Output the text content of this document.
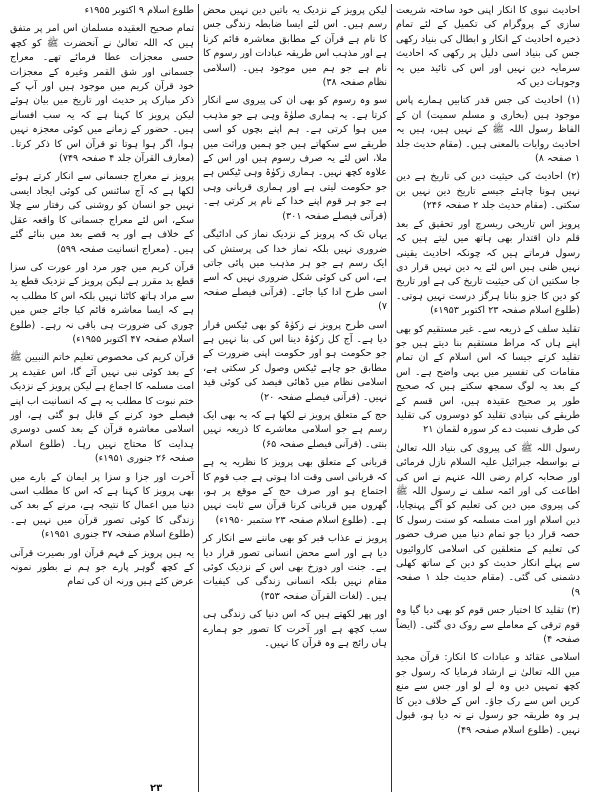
احادیث نبوی کا انکار اپنی خود ساختہ شریعت سازی کے پروگرام کی تکمیل کے لئے تمام ذخیرہ احادیث کے انکار و ابطال کی بنیاد رکھی جس کی بنیاد اسی دلیل پر رکھی کہ احادیث سرمایہ دین نہیں اور اس کی تائید میں یہ وجوہات دیں کہ

(۱) احادیث کی جس قدر کتابیں ہمارے پاس موجود ہیں (بخاری و مسلم سمیت) ان کے الفاظ رسول اللہ ﷺ کے نہیں ہیں، ہیں یہ احادیث روایات بالمعنی ہیں۔ (مقام حدیث جلد ۱ صفحہ ۸)

(۲) احادیث کی حیثیت دین کی تاریخ ہے دین نہیں ہونا چاہئے جیسے تاریخ دین نہیں بن سکتی۔ (مقام حدیث جلد ۲ صفحہ ۲۴۶)

پرویز اس تاریخی ریسرچ اور تحقیق کے بعد قلم دان اقتدار بھی ہاتھ میں لیتے ہیں کہ رسول فرماتے ہیں کہ چونکہ احادیث یقینی نہیں ظنی ہیں اس لئے یہ دین نہیں قرار دی جا سکتیں ان کی حیثیت تاریخ کی ہے اور تاریخ کو دین کا جزو بنانا ہرگز درست نہیں ہوتی۔ (طلوع اسلام صفحہ ۲۳ اکتوبر ۱۹۵۳ء)

تقلید سلف کے ذریعہ سے۔ غیر مستقیم کو بھی اپنے ہاں کہ مراط مستقیم بنا دیتے ہیں جو تقلید کرتے جیسا کہ اس اسلام کے ان تمام مقامات کی تفسیر میں یہی واضح ہے۔ اس کے بعد یہ لوگ سمجھ سکتے ہیں کہ صحیح طور پر صحیح عقیدہ ہیں، اس قسم کے طریقے کی بنیادی تقلید کو دوسروں کی تقلید کی طرف نسبت دے کر سورہ لقمان ۲۱

رسول اللہ ﷺ کی پیروی کی بنیاد اللہ تعالیٰ نے بواسطہ جبرائیل علیہ السلام نازل فرمائی اور صحابہ کرام رضی اللہ عنہم نے اس کی اطاعت کی اور ائمہ سلف نے رسول اللہ ﷺ کی پیروی میں دین کی تعلیم کو آگے پہنچایا، دین اسلام اور امت مسلمہ کو سنت رسول کا حصہ قرار دیا جو تمام دنیا میں صرف حضور کی تعلیم کے متعلقین کی اسلامی کاروائیوں سے پہلے انکار حدیث کو دین کے ساتھ کھلی دشمنی کی گئی۔ (مقام حدیث جلد ۱ صفحہ ۹)

(۳) تقلید کا اختیار جس قوم کو بھی دیا گیا وہ قوم ترقی کے معاملے سے روک دی گئی۔ (ایضاً صفحہ ۴)

اسلامی عقائد و عبادات کا انکار: قرآن مجید میں اللہ تعالیٰ نے ارشاد فرمایا کہ رسول جو کچھ تمہیں دیں وہ لے لو اور جس سے منع کریں اس سے رک جاؤ۔ اس کے خلاف دین کا ہر وہ طریقہ جو رسول نے نہ دیا ہو، قبول نہیں۔ (طلوع اسلام صفحہ ۴۹)

لیکن پرویز کے نزدیک یہ باتیں دین نہیں محض رسم ہیں۔ اس لئے ایسا ضابطہ زندگی جس کا نام ہے قرآن کے مطابق معاشرہ قائم کرنا ہے اور مذہب اس طریقہ عبادات اور رسوم کا نام ہے جو ہم میں موجود ہیں۔ (اسلامی نظام صفحہ ۳۸)

سو وہ رسوم کو بھی ان کی پیروی سے انکار کرتا ہے۔ یہ ہماری صلوٰۃ وہی ہے جو مذہب میں ہوا کرتی ہے۔ ہم اپنے بچوں کو اسی طریقے سے سکھاتے ہیں جو ہمیں وراثت میں ملا، اس لئے یہ صرف رسوم ہیں اور اس کے علاوہ کچھ نہیں۔ ہماری زکوٰۃ وہی ٹیکس ہے جو حکومت لیتی ہے اور ہماری قربانی وہی ہے جو ہر قوم اپنے خدا کے نام پر کرتی ہے۔ (قرآنی فیصلے صفحہ ۳۰۱)

یہاں تک کہ پرویز کے نزدیک نماز کی ادائیگی ضروری نہیں بلکہ نماز خدا کی پرستش کی ایک رسم ہے جو ہر مذہب میں پائی جاتی ہے، اس کی کوئی شکل ضروری نہیں کہ اسے اسی طرح ادا کیا جائے۔ (قرآنی فیصلے صفحہ ۷)

اسی طرح پرویز نے زکوٰۃ کو بھی ٹیکس قرار دیا ہے۔ آج کل زکوٰۃ دینا اس کی بنا نہیں ہے جو حکومت ہو اور حکومت اپنی ضرورت کے مطابق جو چاہے ٹیکس وصول کر سکتی ہے، اسلامی نظام میں ڈھائی فیصد کی کوئی قید نہیں۔ (قرآنی فیصلے صفحہ ۲۰)

حج کے متعلق پرویز نے لکھا ہے کہ یہ بھی ایک رسم ہے جو اسلامی معاشرے کا ذریعہ نہیں بنتی۔ (قرآنی فیصلے صفحہ ۶۵)

قربانی کے متعلق بھی پرویز کا نظریہ یہ ہے کہ قربانی اسی وقت ادا ہوتی ہے جب قوم کا اجتماع ہو اور صرف حج کے موقع پر ہو، گھروں میں قربانی کرنا قرآن سے ثابت نہیں ہے۔ (طلوع اسلام صفحہ ۲۳ ستمبر ۱۹۵۰ء)

پرویز نے عذاب قبر کو بھی ماننے سے انکار کر دیا ہے اور اسے محض انسانی تصور قرار دیا ہے۔ جنت اور دوزخ بھی اس کے نزدیک کوئی مقام نہیں بلکہ انسانی زندگی کی کیفیات ہیں۔ (لغات القرآن صفحہ ۳۵۳)

اور پھر لکھتے ہیں کہ اس دنیا کی زندگی ہی سب کچھ ہے اور آخرت کا تصور جو ہمارے ہاں رائج ہے وہ قرآن کا نہیں۔

طلوع اسلام ۹ اکتوبر ۱۹۵۵ء

تمام صحیح العقیدہ مسلمان اس امر پر متفق ہیں کہ اللہ تعالیٰ نے آنحضرت ﷺ کو کچھ حسی معجزات عطا فرمائے تھے۔ معراج جسمانی اور شق القمر وغیرہ کے معجزات خود قرآن کریم میں موجود ہیں اور آپ کے ذکر مبارک پر حدیث اور تاریخ میں بیان ہوئے لیکن پرویز کا کہنا ہے کہ یہ سب افسانے ہیں۔ حضور کے زمانے میں کوئی معجزہ نہیں ہوا، اگر ہوا ہوتا تو قرآن اس کا ذکر کرتا۔ (معارف القرآن جلد ۴ صفحہ ۷۴۹)

پرویز نے معراج جسمانی سے انکار کرتے ہوئے لکھا ہے کہ آج سائنس کی کوئی ایجاد ایسی نہیں جو انسان کو روشنی کی رفتار سے چلا سکے، اس لئے معراج جسمانی کا واقعہ عقل کے خلاف ہے اور یہ قصے بعد میں بنائے گئے ہیں۔ (معراج انسانیت صفحہ ۵۹۹)

قرآن کریم میں چور مرد اور عورت کی سزا قطع ید مقرر ہے لیکن پرویز کے نزدیک قطع ید سے مراد ہاتھ کاٹنا نہیں بلکہ اس کا مطلب یہ ہے کہ ایسا معاشرہ قائم کیا جائے جس میں چوری کی ضرورت ہی باقی نہ رہے۔ (طلوع اسلام صفحہ ۴۷ اکتوبر ۱۹۵۵ء)

قرآن کریم کی مخصوص تعلیم خاتم النبیین ﷺ کے بعد کوئی نبی نہیں آئے گا، اس عقیدے پر امت مسلمہ کا اجماع ہے لیکن پرویز کے نزدیک ختم نبوت کا مطلب یہ ہے کہ انسانیت اب اپنے فیصلے خود کرنے کے قابل ہو گئی ہے، اور اسلامی معاشرہ قرآن کے بعد کسی دوسری ہدایت کا محتاج نہیں رہا۔ (طلوع اسلام صفحہ ۲۶ جنوری ۱۹۵۱ء)

آخرت اور جزا و سزا پر ایمان کے بارے میں بھی پرویز کا کہنا ہے کہ اس کا مطلب اسی دنیا میں اعمال کا نتیجہ ہے، مرنے کے بعد کی زندگی کا کوئی تصور قرآن میں نہیں ہے۔ (طلوع اسلام صفحہ ۳۷ جنوری ۱۹۵۱ء)

یہ ہیں پرویز کے فہم قرآن اور بصیرت قرآنی کے کچھ گوہر پارے جو ہم نے بطور نمونہ عرض کئے ہیں ورنہ ان کی تمام

۲۳
